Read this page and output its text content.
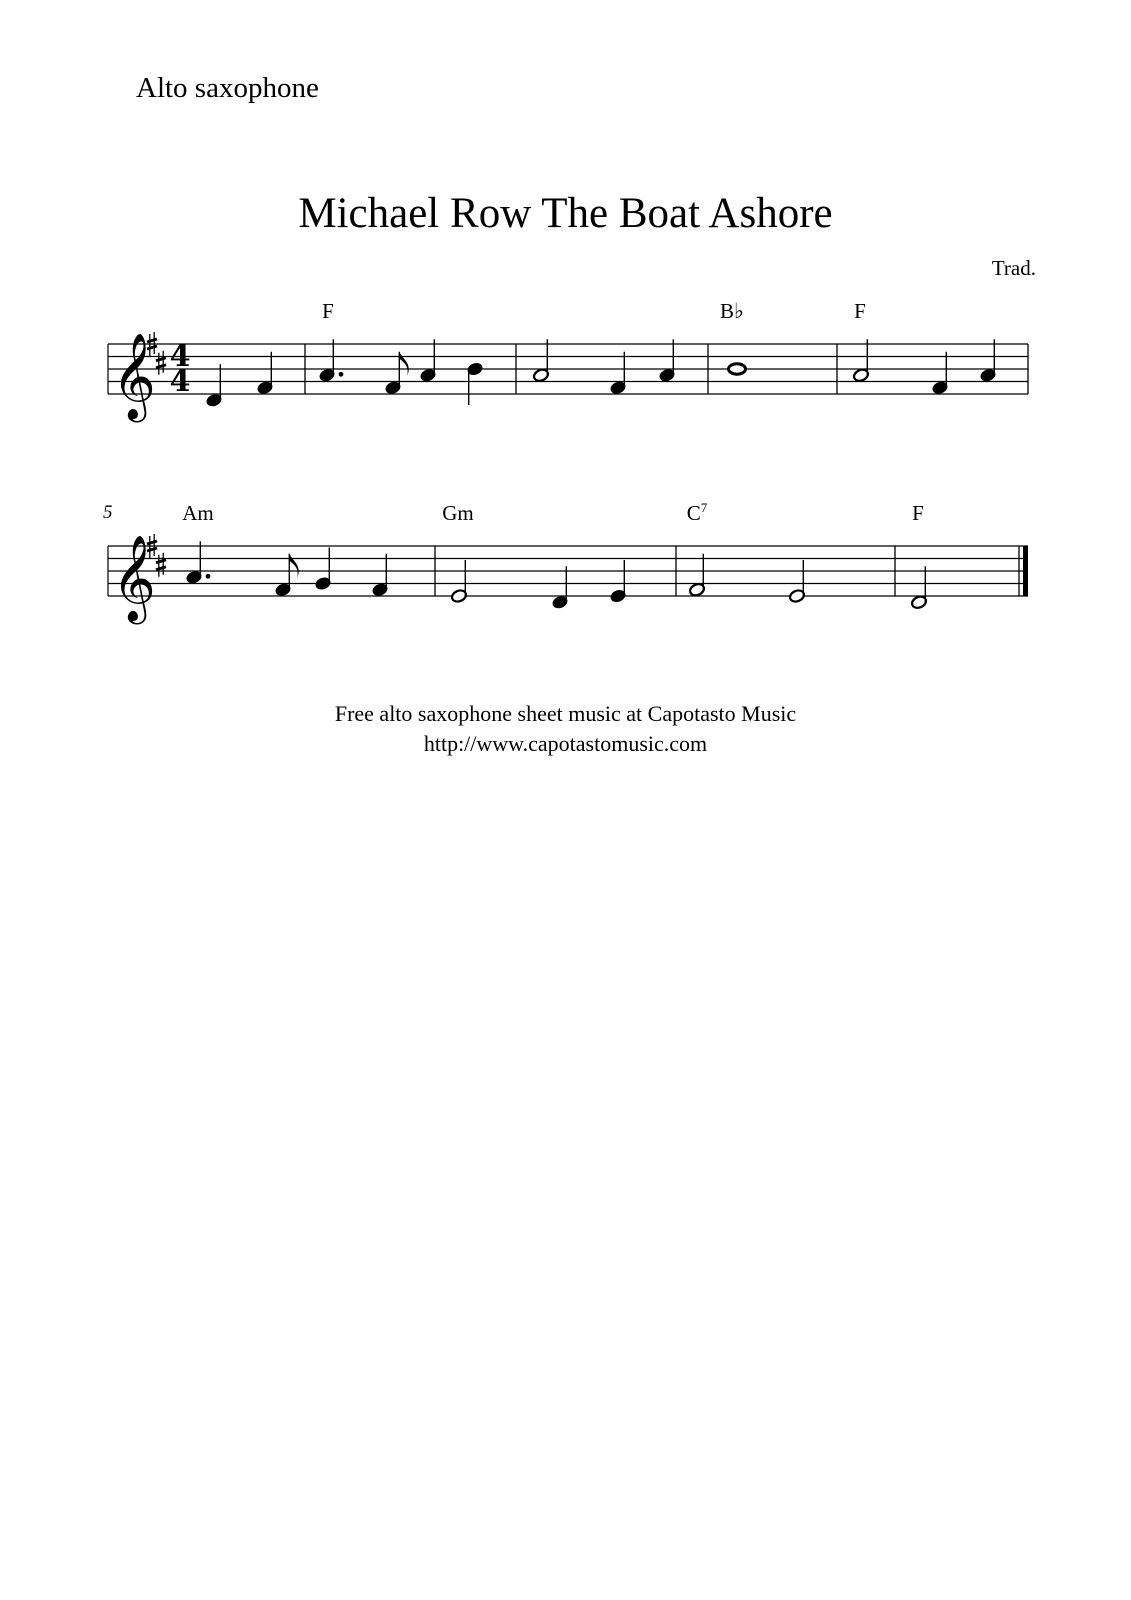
Alto saxophone
Michael Row The Boat Ashore
Trad.
𝄞 4
4
F	B♭	F
𝄞
5	Am	Gm	$C^7$	F
Free alto saxophone sheet music at Capotasto Music
http://www.capotastomusic.com
